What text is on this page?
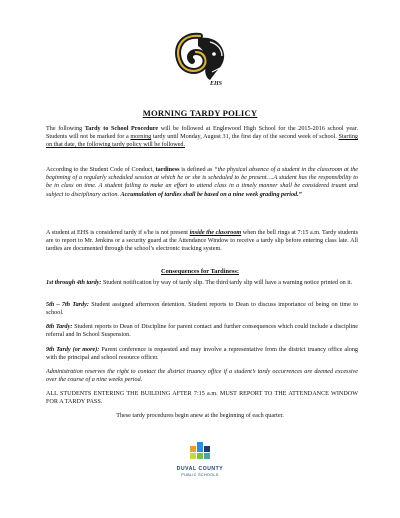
EHS
MORNING TARDY POLICY
The following Tardy to School Procedure will be followed at Englewood High School for the 2015-2016 school year. Students will not be marked for a morning tardy until Monday, August 31, the first day of the second week of school. Starting on that date, the following tardy policy will be followed.
According to the Student Code of Conduct, tardiness is defined as “the physical absence of a student in the classroom at the beginning of a regularly scheduled session at which he or she is scheduled to be present….A student has the responsibility to be in class on time. A student failing to make an effort to attend class in a timely manner shall be considered truant and subject to disciplinary action. Accumulation of tardies shall be based on a nine week grading period.”
A student at EHS is considered tardy if s/he is not present inside the classroom when the bell rings at 7:15 a.m. Tardy students are to report to Mr. Jenkins or a security guard at the Attendance Window to receive a tardy slip before entering class late. All tardies are documented through the school’s electronic tracking system.
Consequences for Tardiness:
1st through 4th tardy: Student notification by way of tardy slip. The third tardy slip will have a warning notice printed on it.
5th – 7th Tardy: Student assigned afternoon detention. Student reports to Dean to discuss importance of being on time to school.
8th Tardy: Student reports to Dean of Discipline for parent contact and further consequences which could include a discipline referral and In School Suspension.
9th Tardy (or more): Parent conference is requested and may involve a representative from the district truancy office along with the principal and school resource officer.
Administration reserves the right to contact the district truancy office if a student’s tardy occurrences are deemed excessive over the course of a nine weeks period.
ALL STUDENTS ENTERING THE BUILDING AFTER 7:15 a.m. MUST REPORT TO THE ATTENDANCE WINDOW FOR A TARDY PASS.
These tardy procedures begin anew at the beginning of each quarter.
DUVAL COUNTY
PUBLIC SCHOOLS
